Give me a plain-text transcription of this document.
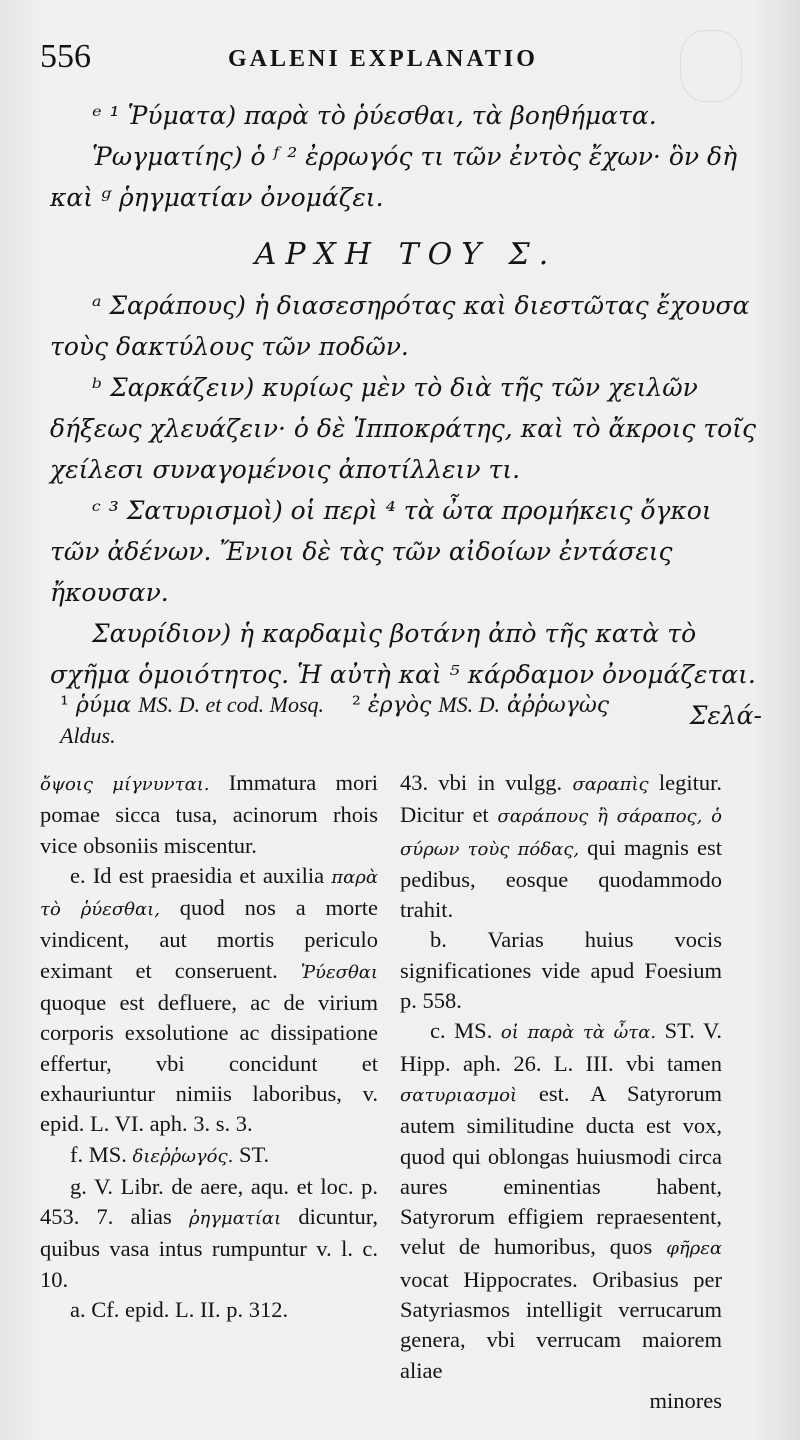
556	GALENI EXPLANATIO

ᵉ ¹ Ῥύματα) παρὰ τὸ ῥύεσθαι, τὰ βοηθήματα.

Ῥωγματίης) ὁ ᶠ ² ἐρρωγός τι τῶν ἐντὸς ἔχων· ὃν δὴ καὶ ᵍ ῥηγματίαν ὀνομάζει.

ΑΡΧΗ ΤΟΥ Σ.

ᵃ Σαράπους) ἡ διασεσηρότας καὶ διεστῶτας ἔχουσα τοὺς δακτύλους τῶν ποδῶν.

ᵇ Σαρκάζειν) κυρίως μὲν τὸ διὰ τῆς τῶν χειλῶν δήξεως χλευάζειν· ὁ δὲ Ἱπποκράτης, καὶ τὸ ἄκροις τοῖς χείλεσι συναγομένοις ἀποτίλλειν τι.

ᶜ ³ Σατυρισμοὶ) οἱ περὶ ⁴ τὰ ὦτα προμήκεις ὄγκοι τῶν ἀδένων. Ἔνιοι δὲ τὰς τῶν αἰδοίων ἐντάσεις ἤκουσαν.

Σαυρίδιον) ἡ καρδαμὶς βοτάνη ἀπὸ τῆς κατὰ τὸ σχῆμα ὁμοιότητος. Ἡ αὐτὴ καὶ ⁵ κάρδαμον ὀνομάζεται.

Σελά-

¹ ῥύμα MS. D. et cod. Mosq. ² ἐργὸς MS. D. ἀῤῥωγὼς

Aldus.

ὄψοις μίγνυνται. Immatura mori pomae sicca tusa, acinorum rhois vice obsoniis miscentur.

e. Id est praesidia et auxilia παρὰ τὸ ῥύεσθαι, quod nos a morte vindicent, aut mortis periculo eximant et conseruent. Ῥύεσθαι quoque est defluere, ac de virium corporis exsolutione ac dissipatione effertur, vbi concidunt et exhauriuntur nimiis laboribus, v. epid. L. VI. aph. 3. s. 3.

f. MS. διεῤῥωγός. ST.

g. V. Libr. de aere, aqu. et loc. p. 453. 7. alias ῥηγματίαι dicuntur, quibus vasa intus rumpuntur v. l. c. 10.

a. Cf. epid. L. II. p. 312.

43. vbi in vulgg. σαραπὶς legitur. Dicitur et σαράπους ἢ σάραπος, ὁ σύρων τοὺς πόδας, qui magnis est pedibus, eosque quodammodo trahit.

b. Varias huius vocis significationes vide apud Foesium p. 558.

c. MS. οἱ παρὰ τὰ ὦτα. ST. V. Hipp. aph. 26. L. III. vbi tamen σατυριασμοὶ est. A Satyrorum autem similitudine ducta est vox, quod qui oblongas huiusmodi circa aures eminentias habent, Satyrorum effigiem repraesentent, velut de humoribus, quos φῆρεα vocat Hippocrates. Oribasius per Satyriasmos intelligit verrucarum genera, vbi verrucam maiorem aliae

minores
